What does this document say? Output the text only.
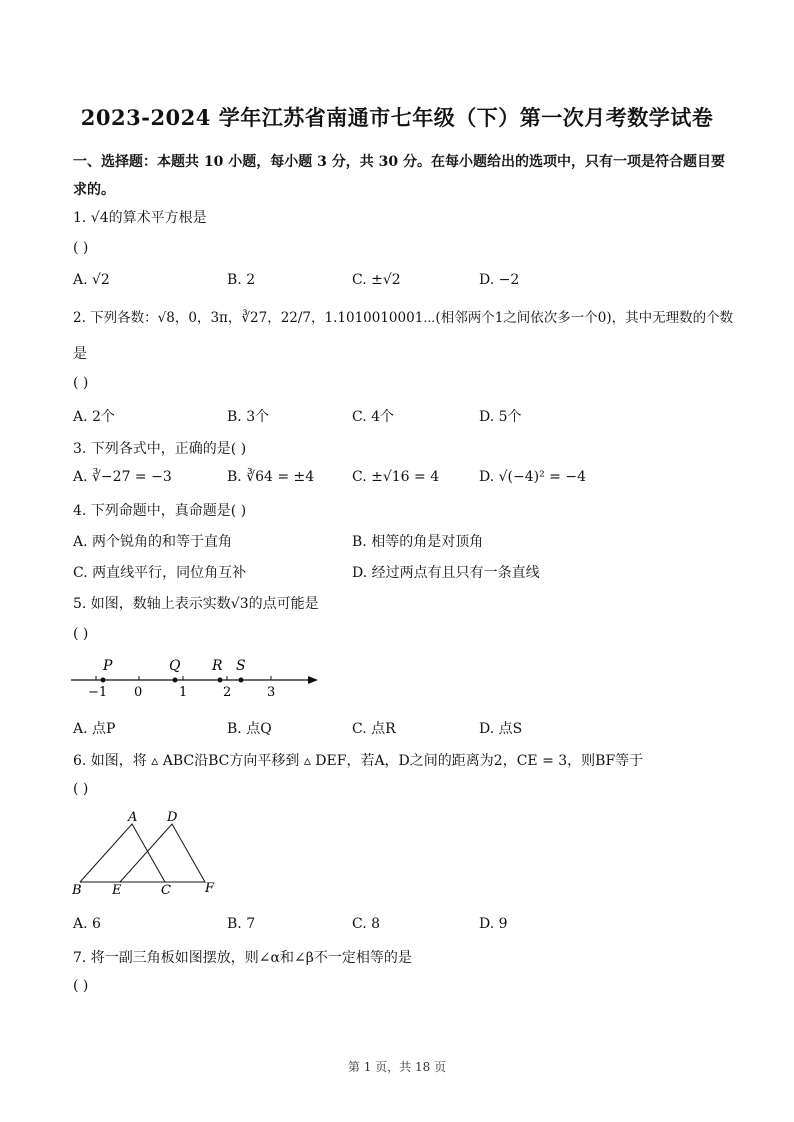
2023-2024 学年江苏省南通市七年级（下）第一次月考数学试卷
一、选择题：本题共 10 小题，每小题 3 分，共 30 分。在每小题给出的选项中，只有一项是符合题目要求的。
1. √4的算术平方根是
( )
A. √2	B. 2	C. ±√2	D. −2
2. 下列各数：√8，0，3π，∛27，22/7，1.1010010001⋯(相邻两个1之间依次多一个0)，其中无理数的个数
是
( )
A. 2个	B. 3个	C. 4个	D. 5个
3. 下列各式中，正确的是( )
A. ∛−27 = −3	B. ∛64 = ±4	C. ±√16 = 4	D. √(−4)² = −4
4. 下列命题中，真命题是( )
A. 两个锐角的和等于直角	B. 相等的角是对顶角
C. 两直线平行，同位角互补	D. 经过两点有且只有一条直线
5. 如图，数轴上表示实数√3的点可能是
( )
−1 0	1	2	3
P	Q R S
A. 点P	B. 点Q	C. 点R	D. 点S
6. 如图，将 ▵ ABC沿BC方向平移到 ▵ DEF，若A，D之间的距离为2，CE = 3，则BF等于
( )
A D
B E	C	F
A. 6	B. 7	C. 8	D. 9
7. 将一副三角板如图摆放，则∠α和∠β不一定相等的是
( )
第 1 页，共 18 页
